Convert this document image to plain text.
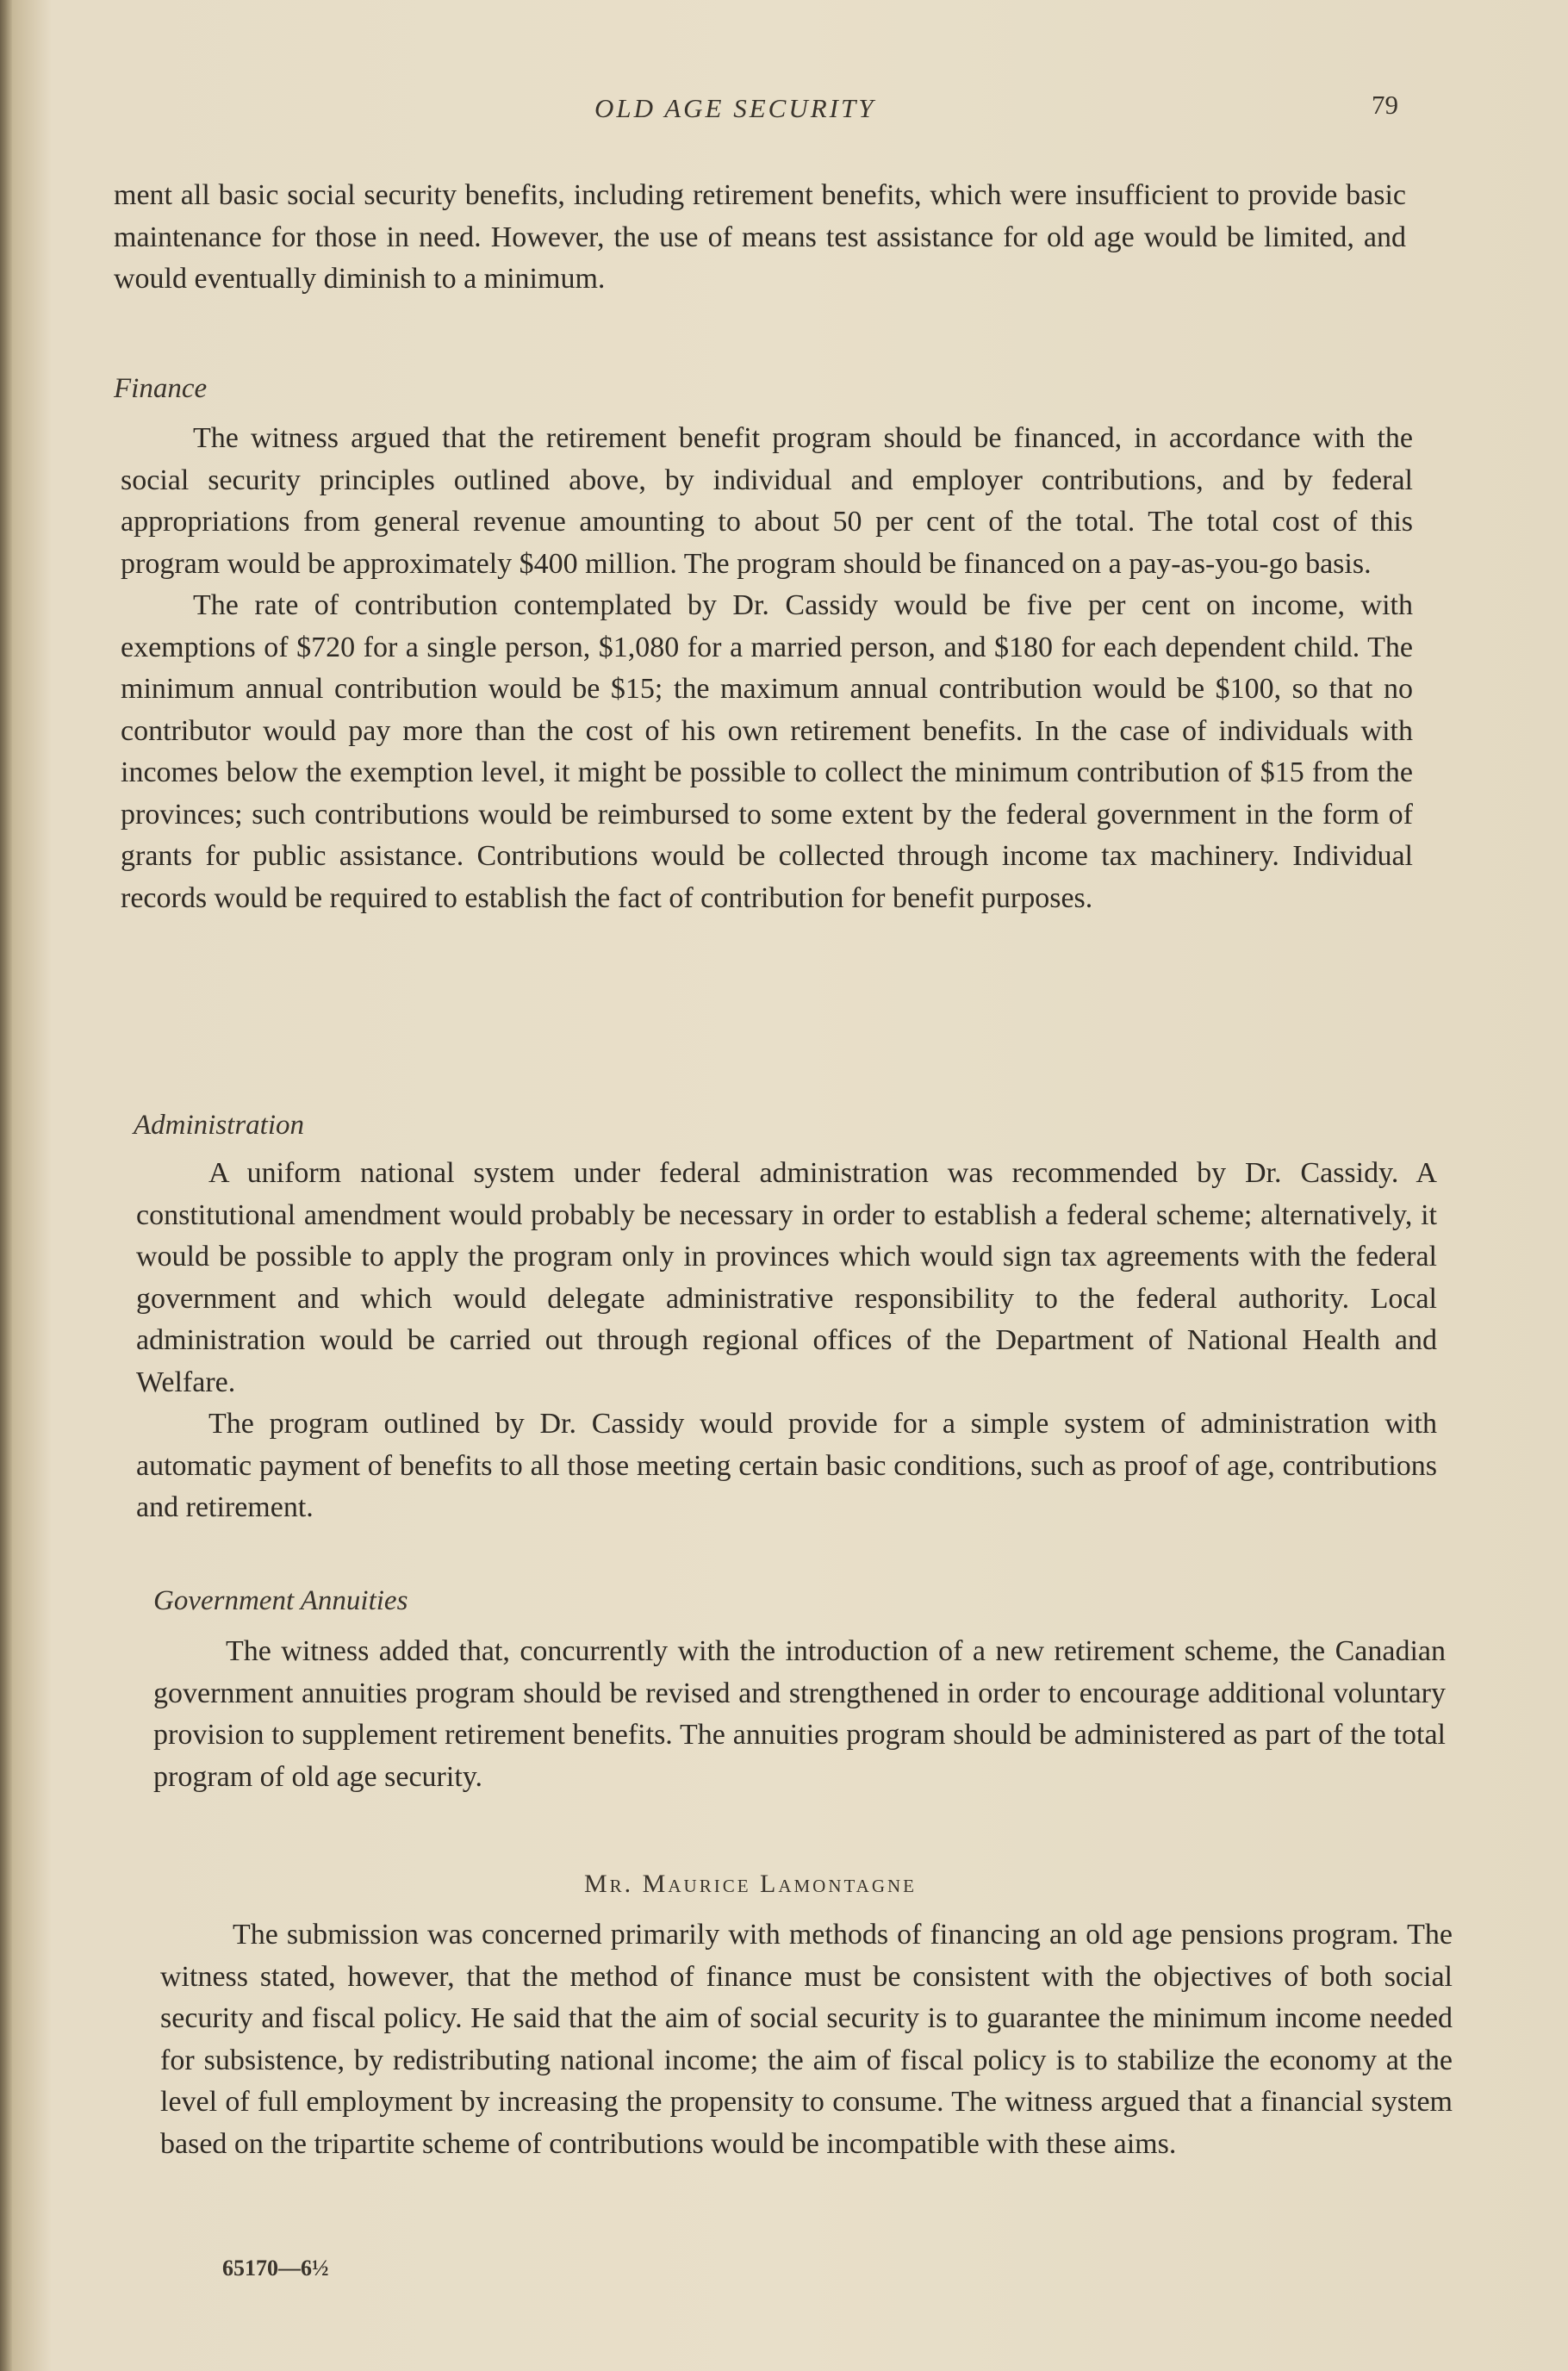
OLD AGE SECURITY	79

ment all basic social security benefits, including retirement benefits, which were insufficient to provide basic maintenance for those in need. However, the use of means test assistance for old age would be limited, and would eventually diminish to a minimum.

Finance

The witness argued that the retirement benefit program should be financed, in accordance with the social security principles outlined above, by individual and employer contributions, and by federal appropriations from general revenue amounting to about 50 per cent of the total. The total cost of this program would be approximately $400 million. The program should be financed on a pay-as-you-go basis.

The rate of contribution contemplated by Dr. Cassidy would be five per cent on income, with exemptions of $720 for a single person, $1,080 for a married person, and $180 for each dependent child. The minimum annual contribution would be $15; the maximum annual contribution would be $100, so that no contributor would pay more than the cost of his own retirement benefits. In the case of individuals with incomes below the exemption level, it might be possible to collect the minimum contribution of $15 from the provinces; such contributions would be reimbursed to some extent by the federal government in the form of grants for public assistance. Contributions would be collected through income tax machinery. Individual records would be required to establish the fact of contribution for benefit purposes.

Administration

A uniform national system under federal administration was recommended by Dr. Cassidy. A constitutional amendment would probably be necessary in order to establish a federal scheme; alternatively, it would be possible to apply the program only in provinces which would sign tax agreements with the federal government and which would delegate administrative responsibility to the federal authority. Local administration would be carried out through regional offices of the Department of National Health and Welfare.

The program outlined by Dr. Cassidy would provide for a simple system of administration with automatic payment of benefits to all those meeting certain basic conditions, such as proof of age, contributions and retirement.

Government Annuities

The witness added that, concurrently with the introduction of a new retirement scheme, the Canadian government annuities program should be revised and strengthened in order to encourage additional voluntary provision to supplement retirement benefits. The annuities program should be administered as part of the total program of old age security.

Mr. Maurice Lamontagne

The submission was concerned primarily with methods of financing an old age pensions program. The witness stated, however, that the method of finance must be consistent with the objectives of both social security and fiscal policy. He said that the aim of social security is to guarantee the minimum income needed for subsistence, by redistributing national income; the aim of fiscal policy is to stabilize the economy at the level of full employment by increasing the propensity to consume. The witness argued that a financial system based on the tripartite scheme of contributions would be incompatible with these aims.

65170—6½
